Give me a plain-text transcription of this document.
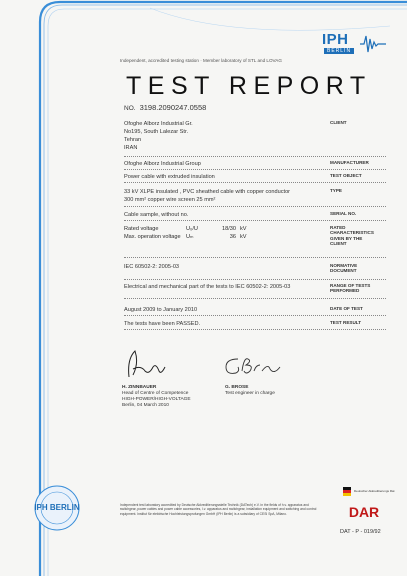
IPH
BERLIN
Independent, accredited testing station · Member laboratory of STL and LOVAG
TEST REPORT
NO. 3198.2090247.0558
Ofoghe Alborz Industrial Gr.
No195, South Lalezar Str.
Tehran
IRAN
CLIENT
Ofoghe Alborz Industrial Group	MANUFACTURER
Power cable with extruded insulation	TEST OBJECT
33 kV XLPE insulated , PVC sheathed cable with copper conductor
300 mm² copper wire screen 25 mm²
TYPE
Cable sample, without no.	SERIAL NO.
Rated voltage	U₀/U	18/30 kV
Max. operation voltage Uₘ	36 kV
RATED CHARACTERISTICS GIVEN BY THE CLIENT
IEC 60502-2: 2005-03	NORMATIVE DOCUMENT
Electrical and mechanical part of the tests to IEC 60502-2: 2005-03	RANGE OF TESTS PERFORMED
August 2009 to January 2010	DATE OF TEST
The tests have been PASSED.	TEST RESULT
H. ZINNBAUER
Head of Centre of Competence
HIGH-POWER/HIGH-VOLTAGE
Berlin, 04 March 2010
G. BROSE
Test engineer in charge
IPH BERLIN	Independent test laboratory accredited by Deutsche Akkreditierungsstelle Technik (DATech) e.V. in the fields of h.v. apparatus and switchgear, power cables and power cable accessories, l.v. apparatus and switchgear, installation equipment and switching and control equipment. Institut für elektrische Hochleistungsprufungen GmbH (IPH Berlin) is a subsidiary of CESI SpA, Milano.
Deutscher Akkreditierungs Rat
DAR
DAT - P - 019/92
